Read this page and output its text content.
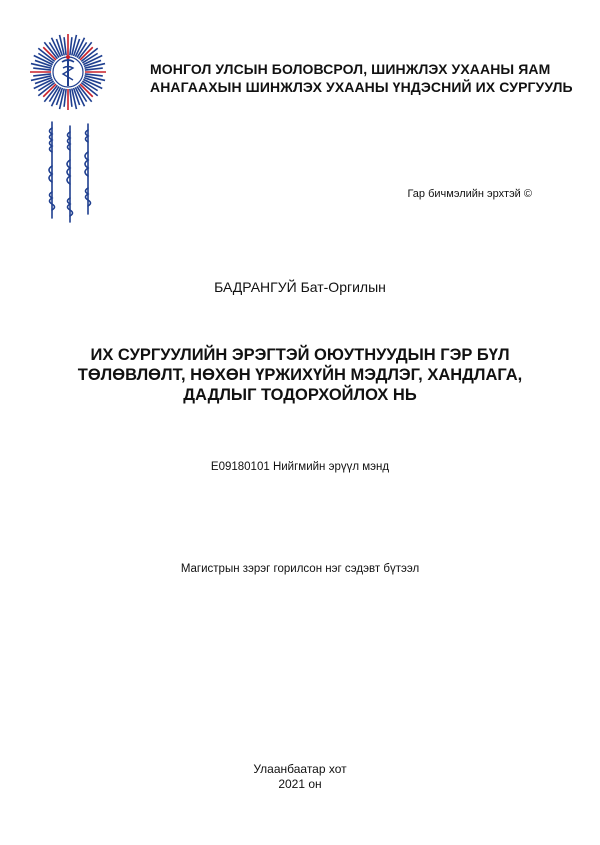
МОНГОЛ УЛСЫН БОЛОВСРОЛ, ШИНЖЛЭХ УХААНЫ ЯАМ
АНАГААХЫН ШИНЖЛЭХ УХААНЫ ҮНДЭСНИЙ ИХ СУРГУУЛЬ
Гар бичмэлийн эрхтэй ©
БАДРАНГУЙ Бат-Оргилын
ИХ СУРГУУЛИЙН ЭРЭГТЭЙ ОЮУТНУУДЫН ГЭР БҮЛ
ТӨЛӨВЛӨЛТ, НӨХӨН ҮРЖИХҮЙН МЭДЛЭГ, ХАНДЛАГА,
ДАДЛЫГ ТОДОРХОЙЛОХ НЬ
E09180101 Нийгмийн эрүүл мэнд
Магистрын зэрэг горилсон нэг сэдэвт бүтээл
Улаанбаатар хот
2021 он
